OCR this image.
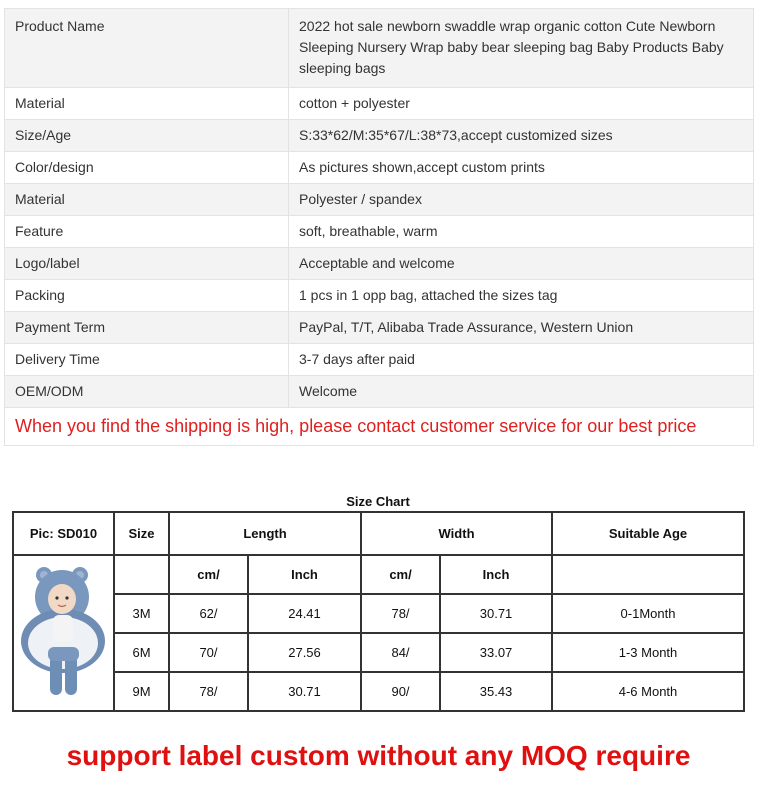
Product Name	2022 hot sale newborn swaddle wrap organic cotton Cute Newborn Sleeping Nursery Wrap baby bear sleeping bag Baby Products Baby sleeping bags
Material	cotton + polyester
Size/Age	S:33*62/M:35*67/L:38*73,accept customized sizes
Color/design	As pictures shown,accept custom prints
Material	Polyester / spandex
Feature	soft, breathable, warm
Logo/label	Acceptable and welcome
Packing	1 pcs in 1 opp bag, attached the sizes tag
Payment Term	PayPal, T/T, Alibaba Trade Assurance, Western Union
Delivery Time	3-7 days after paid
OEM/ODM	Welcome
When you find the shipping is high, please contact customer service for our best price	
Size Chart
Pic: SD010	Size	Length		Width		Suitable Age

		cm/	Inch	cm/	Inch	
	3M	62/	24.41	78/	30.71	0-1Month
	6M	70/	27.56	84/	33.07	1-3 Month
	9M	78/	30.71	90/	35.43	4-6 Month
support label custom without any MOQ require
